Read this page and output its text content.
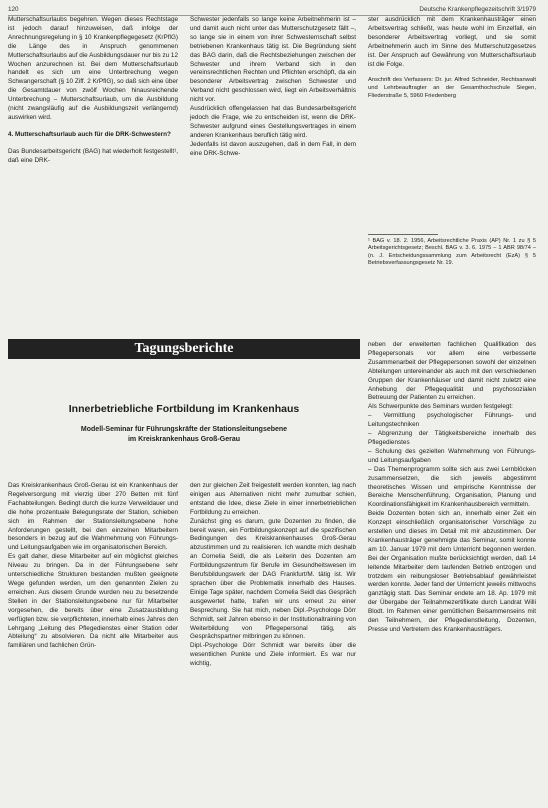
120	Deutsche Krankenpflegezeitschrift 3/1979

Mutterschaftsurlaubs begehren. Wegen dieses Rechtstage ist jedoch darauf hinzuweisen, daß infolge der Anrechnungsregelung in § 10 Krankenpflegegesetz (KrPflG) die Länge des in Anspruch genommenen Mutterschaftsurlaubs auf die Ausbildungsdauer nur bis zu 12 Wochen anzurechnen ist. Bei dem Mutterschaftsurlaub handelt es sich um eine Unterbrechung wegen Schwangerschaft (§ 10 Ziff. 2 KrPflG), so daß sich eine über die Gesamtdauer von zwölf Wochen hinausreichende Unterbrechung – Mutterschaftsurlaub, um die Ausbildung (nicht zwangsläufig auf die Ausbildungszeit verlängernd) auswirken wird.

4. Mutterschaftsurlaub auch für die DRK-Schwestern?

Das Bundesarbeitsgericht (BAG) hat wiederholt festgestellt¹, daß eine DRK-

Schwester jedenfalls so lange keine Arbeitnehmerin ist – und damit auch nicht unter das Mutterschutzgesetz fällt –, so lange sie in einem von ihrer Schwesternschaft selbst betriebenen Krankenhaus tätig ist. Die Begründung sieht das BAG darin, daß die Rechtsbeziehungen zwischen der Schwester und ihrem Verband sich in den vereinsrechtlichen Rechten und Pflichten erschöpft, da ein besonderer Arbeitsvertrag zwischen Schwester und Verband nicht geschlossen wird, liegt ein Arbeitsverhältnis nicht vor.

Ausdrücklich offengelassen hat das Bundesarbeitsgericht jedoch die Frage, wie zu entscheiden ist, wenn die DRK-Schwester aufgrund eines Gestellungsvertrages in einem anderen Krankenhaus beruflich tätig wird.

Jedenfalls ist davon auszugehen, daß in dem Fall, in dem eine DRK-Schwe-

ster ausdrücklich mit dem Krankenhausträger einen Arbeitsvertrag schließt, was heute wohl im Einzelfall, ein besonderer Arbeitsvertrag vorliegt, und sie somit Arbeitnehmerin auch im Sinne des Mutterschutzgesetzes ist. Der Anspruch auf Gewährung von Mutterschaftsurlaub ist die Folge.

Anschrift des Verfassers: Dr. jur. Alfred Schneider, Rechtsanwalt und Lehrbeauftragter an der Gesamthochschule Siegen, Fliederstraße 5, 5960 Friedenberg

¹ BAG v. 18. 2. 1956, Arbeitsrechtliche Praxis (AP) Nr. 1 zu § 5 Arbeitsgerichtsgesetz; Beschl. BAG v. 3. 6. 1975 – 1 ABR 98/74 – (n. J. Entscheidungssammlung zum Arbeitsrecht (EzA) § 5 Betriebsverfassungsgesetz Nr. 19.

Tagungsberichte
Innerbetriebliche Fortbildung im Krankenhaus
Modell-Seminar für Führungskräfte der Stationsleitungsebene
im Kreiskrankenhaus Groß-Gerau

Das Kreiskrankenhaus Groß-Gerau ist ein Krankenhaus der Regelversorgung mit vierzig über 270 Betten mit fünf Fachabteilungen. Bedingt durch die kurze Verweildauer und die hohe prozentuale Belegungsrate der Station, schieben sich im Rahmen der Stationsleitungsebene hohe Anforderungen gestellt, bei den einzelnen Mitarbeitern besonders in bezug auf die Wahrnehmung von Führungs- und Leitungsaufgaben wie im organisatorischen Bereich.

Es galt daher, diese Mitarbeiter auf ein möglichst gleiches Niveau zu bringen. Da in der Führungsebene sehr unterschiedliche Strukturen bestanden mußten geeignete Wege gefunden werden, um den genannten Zielen zu erreichen. Aus diesem Grunde wurden neu zu besetzende Stellen in der Stationsleitungsebene nur für Mitarbeiter vorgesehen, die bereits über eine Zusatzausbildung verfügten bzw. sie verpflichteten, innerhalb eines Jahres den Lehrgang „Leitung des Pflegedienstes einer Station oder Abteilung“ zu absolvieren. Da nicht alle Mitarbeiter aus familiären und fachlichen Grün-

den zur gleichen Zeit freigestellt werden konnten, lag nach einigen aus Alternativen nicht mehr zumutbar schien, entstand die Idee, diese Ziele in einer innerbetrieblichen Fortbildung zu erreichen.

Zunächst ging es darum, gute Dozenten zu finden, die bereit waren, ein Fortbildungskonzept auf die spezifischen Bedingungen des Kreiskrankenhauses Groß-Gerau abzustimmen und zu realisieren. Ich wandte mich deshalb an Cornelia Seidl, die als Leiterin des Dozenten am Fortbildungszentrum für Berufe im Gesundheitswesen im Berufsbildungswerk der DAG Frankfurt/M. tätig ist. Wir sprachen über die Problematik innerhalb des Hauses. Einige Tage später, nachdem Cornelia Seidl das Gespräch ausgewertet hatte, trafen wir uns erneut zu einer Besprechung. Sie hat mich, neben Dipl.-Psychologe Dörr Schmidt, seit Jahren ebenso in der Institutionaltraining von Weiterbildung von Pflegepersonal tätig, als Gesprächspartner mitbringen zu können.

Dipl.-Psychologe Dörr Schmidt war bereits über die wesentlichen Punkte und Ziele informiert. Es war nur wichtig,

neben der erweiterten fachlichen Qualifikation des Pflegepersonals vor allem eine verbesserte Zusammenarbeit der Pflegepersonen sowohl der einzelnen Abteilungen untereinander als auch mit den verschiedenen Gruppen der Krankenhäuser und damit nicht zuletzt eine Anhebung der Pflegequalität und psychosozialen Betreuung der Patienten zu erreichen.

Als Schwerpunkte des Seminars wurden festgelegt:

– Vermittlung psychologischer Führungs- und Leitungstechniken

– Abgrenzung der Tätigkeitsbereiche innerhalb des Pflegedienstes

– Schulung des gezielten Wahrnehmung von Führungs- und Leitungsaufgaben

– Das Themenprogramm sollte sich aus zwei Lernblöcken zusammensetzen, die sich jeweils abgestimmt theoretisches Wissen und empirische Kenntnisse der Bereiche Menschenführung, Organisation, Planung und Koordinationsfähigkeit im Krankenhausbereich vermitteln.

Beide Dozenten boten sich an, innerhalb einer Zeit ein Konzept einschließlich organisatorischer Vorschläge zu erstellen und dieses im Detail mit mir abzustimmen. Der Krankenhausträger genehmigte das Seminar, somit konnte am 10. Januar 1979 mit dem Unterricht begonnen werden. Bei der Organisation mußte berücksichtigt werden, daß 14 leitende Mitarbeiter dem laufenden Betrieb entzogen und trotzdem ein reibungsloser Betriebsablauf gewährleistet werden konnte. Jeder fand der Unterricht jeweils mittwochs ganztägig statt. Das Seminar endete am 18. Ap. 1979 mit der Übergabe der Teilnahmezertifikate durch Landrat Willi Blodt. Im Rahmen einer gemütlichen Beisammenseins mit den Teilnehmern, der Pflegedienstleitung, Dozenten, Presse und Vertretern des Krankenhausträgers.
